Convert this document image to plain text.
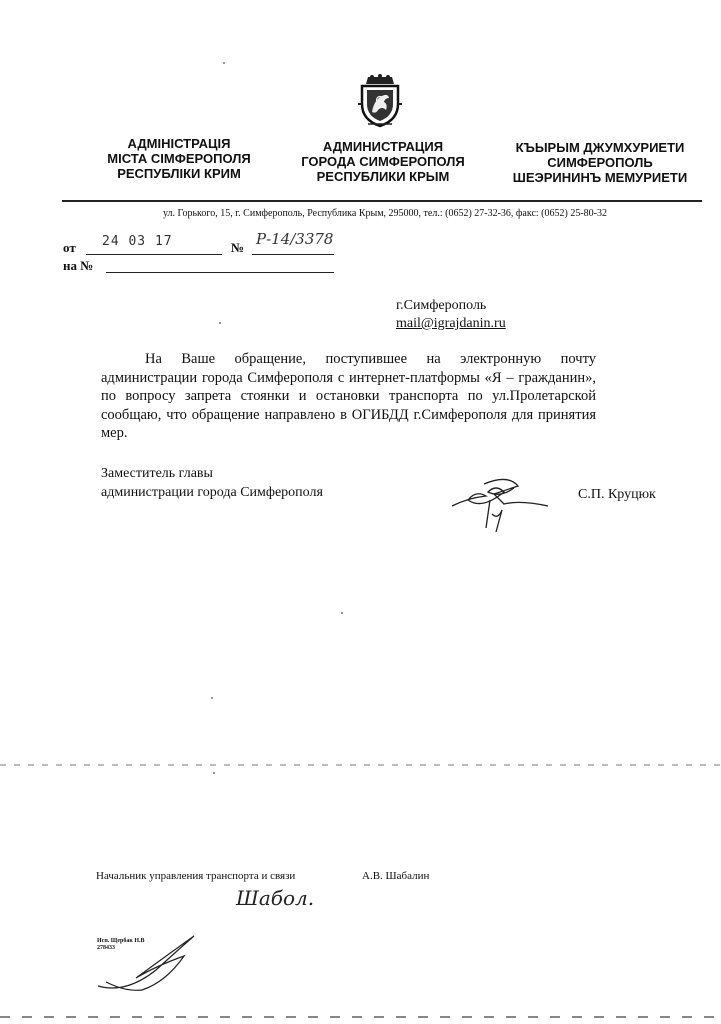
АДМІНІСТРАЦІЯ
МІСТА СІМФЕРОПОЛЯ
РЕСПУБЛІКИ КРИМ
АДМИНИСТРАЦИЯ
ГОРОДА СИМФЕРОПОЛЯ
РЕСПУБЛИКИ КРЫМ
КЪЫРЫМ ДЖУМХУРИЕТИ
СИМФЕРОПОЛЬ
ШЕЭРИНИНЪ МЕМУРИЕТИ
ул. Горького, 15, г. Симферополь, Республика Крым, 295000, тел.: (0652) 27-32-36, факс: (0652) 25-80-32
от 24 03 17	№ Р-14/3378
на №
г.Симферополь
mail@igrajdanin.ru
На Ваше обращение, поступившее на электронную почту администрации города Симферополя с интернет-платформы «Я – гражданин», по вопросу запрета стоянки и остановки транспорта по ул.Пролетарской сообщаю, что обращение направлено в ОГИБДД г.Симферополя для принятия мер.
Заместитель главы
администрации города Симферополя	С.П. Круцюк
Начальник управления транспорта и связи	А.В. Шабалин
Шабол.
Исп. Щербак Н.В
278433
